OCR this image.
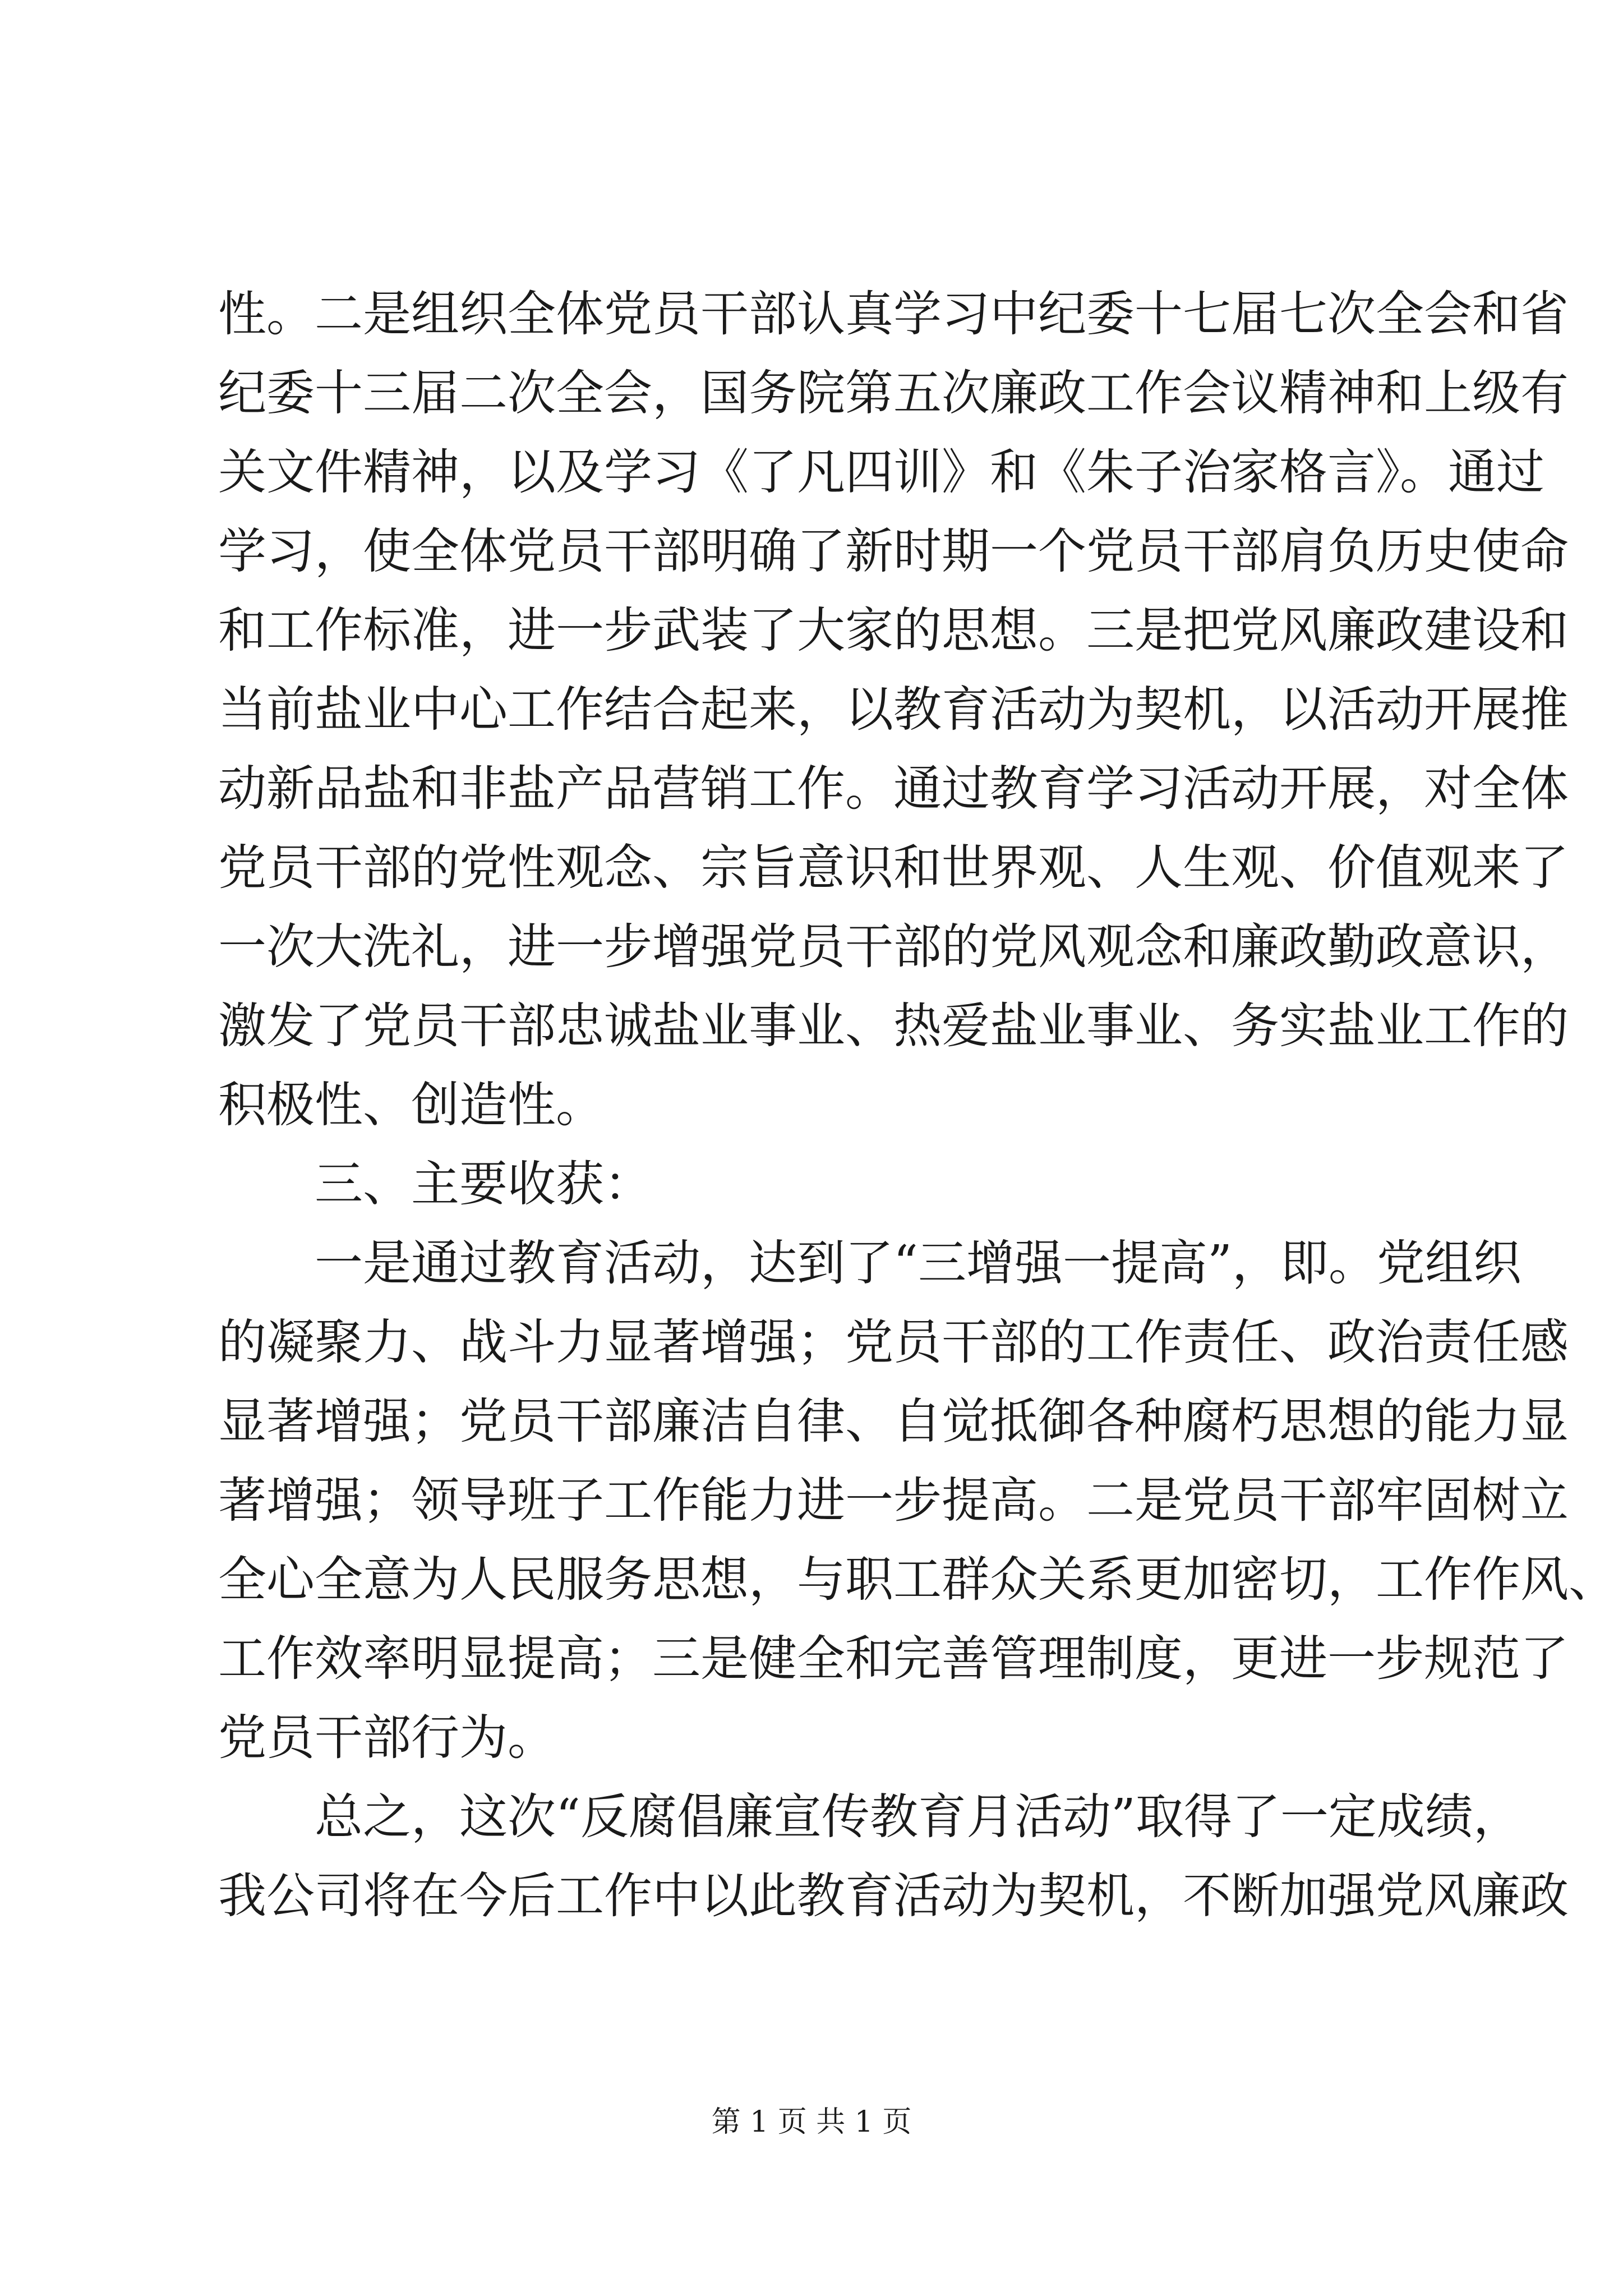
性。二是组织全体党员干部认真学习中纪委十七届七次全会和省
纪委十三届二次全会，国务院第五次廉政工作会议精神和上级有
关文件精神，以及学习《了凡四训》和《朱子治家格言》。通过
学习，使全体党员干部明确了新时期一个党员干部肩负历史使命
和工作标准，进一步武装了大家的思想。三是把党风廉政建设和
当前盐业中心工作结合起来，以教育活动为契机，以活动开展推
动新品盐和非盐产品营销工作。通过教育学习活动开展，对全体
党员干部的党性观念、宗旨意识和世界观、人生观、价值观来了
一次大洗礼，进一步增强党员干部的党风观念和廉政勤政意识，
激发了党员干部忠诚盐业事业、热爱盐业事业、务实盐业工作的
积极性、创造性。
三、主要收获：
一是通过教育活动，达到了“三增强一提高”，即。党组织
的凝聚力、战斗力显著增强；党员干部的工作责任、政治责任感
显著增强；党员干部廉洁自律、自觉抵御各种腐朽思想的能力显
著增强；领导班子工作能力进一步提高。二是党员干部牢固树立
全心全意为人民服务思想，与职工群众关系更加密切，工作作风、
工作效率明显提高；三是健全和完善管理制度，更进一步规范了
党员干部行为。
总之，这次“反腐倡廉宣传教育月活动”取得了一定成绩，
我公司将在今后工作中以此教育活动为契机，不断加强党风廉政
第 1 页 共 1 页
